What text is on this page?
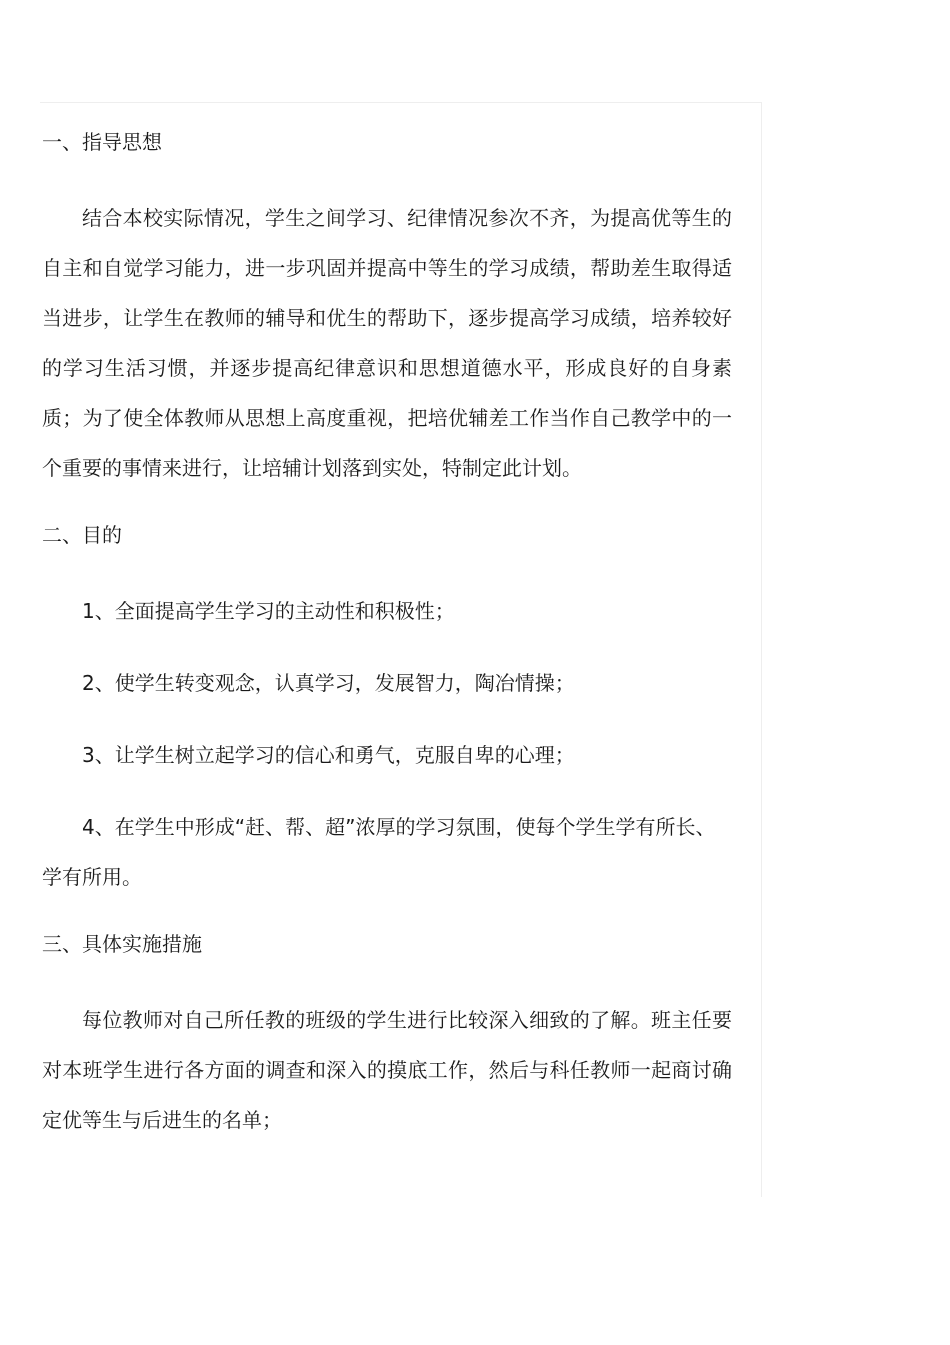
一、指导思想

结合本校实际情况，学生之间学习、纪律情况参次不齐，为提高优等生的自主和自觉学习能力，进一步巩固并提高中等生的学习成绩，帮助差生取得适当进步，让学生在教师的辅导和优生的帮助下，逐步提高学习成绩，培养较好的学习生活习惯，并逐步提高纪律意识和思想道德水平，形成良好的自身素质；为了使全体教师从思想上高度重视，把培优辅差工作当作自己教学中的一个重要的事情来进行，让培辅计划落到实处，特制定此计划。

二、目的

1、全面提高学生学习的主动性和积极性；

2、使学生转变观念，认真学习，发展智力，陶冶情操；

3、让学生树立起学习的信心和勇气，克服自卑的心理；

4、在学生中形成“赶、帮、超”浓厚的学习氛围，使每个学生学有所长、学有所用。

三、具体实施措施

每位教师对自己所任教的班级的学生进行比较深入细致的了解。班主任要对本班学生进行各方面的调查和深入的摸底工作，然后与科任教师一起商讨确定优等生与后进生的名单；
